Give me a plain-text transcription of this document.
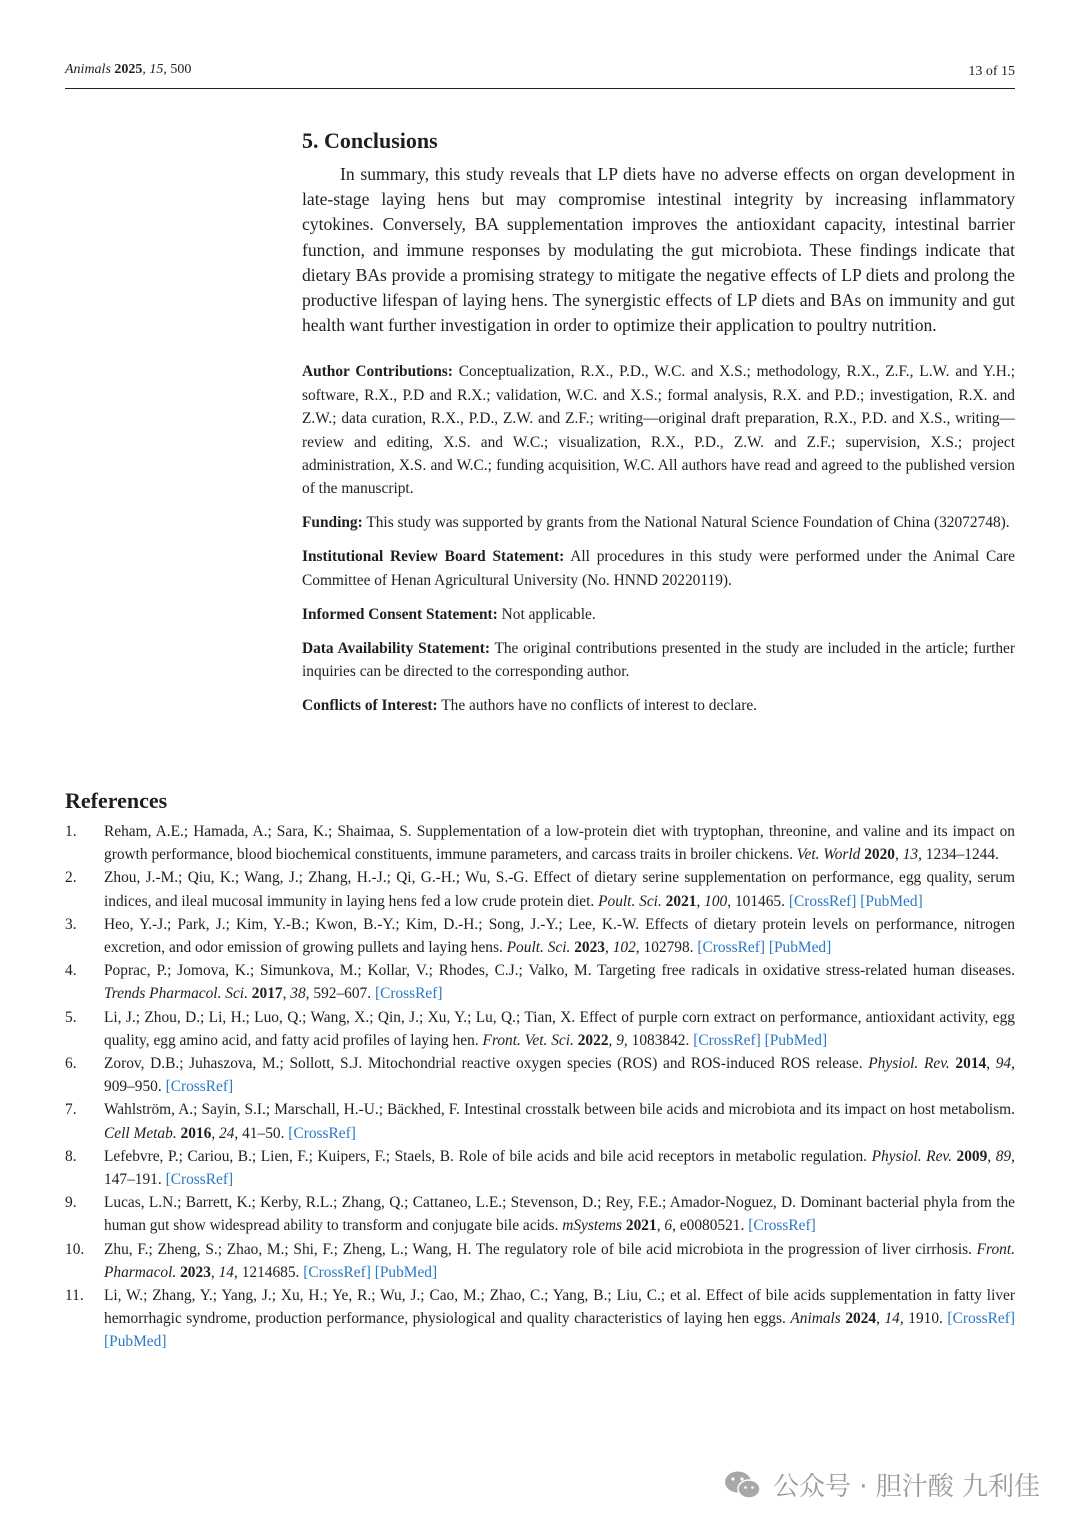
Animals 2025, 15, 500	13 of 15
5. Conclusions

In summary, this study reveals that LP diets have no adverse effects on organ development in late-stage laying hens but may compromise intestinal integrity by increasing inflammatory cytokines. Conversely, BA supplementation improves the antioxidant capacity, intestinal barrier function, and immune responses by modulating the gut microbiota. These findings indicate that dietary BAs provide a promising strategy to mitigate the negative effects of LP diets and prolong the productive lifespan of laying hens. The synergistic effects of LP diets and BAs on immunity and gut health want further investigation in order to optimize their application to poultry nutrition.

Author Contributions: Conceptualization, R.X., P.D., W.C. and X.S.; methodology, R.X., Z.F., L.W. and Y.H.; software, R.X., P.D and R.X.; validation, W.C. and X.S.; formal analysis, R.X. and P.D.; investigation, R.X. and Z.W.; data curation, R.X., P.D., Z.W. and Z.F.; writing—original draft preparation, R.X., P.D. and X.S., writing—review and editing, X.S. and W.C.; visualization, R.X., P.D., Z.W. and Z.F.; supervision, X.S.; project administration, X.S. and W.C.; funding acquisition, W.C. All authors have read and agreed to the published version of the manuscript.

Funding: This study was supported by grants from the National Natural Science Foundation of China (32072748).

Institutional Review Board Statement: All procedures in this study were performed under the Animal Care Committee of Henan Agricultural University (No. HNND 20220119).

Informed Consent Statement: Not applicable.

Data Availability Statement: The original contributions presented in the study are included in the article; further inquiries can be directed to the corresponding author.

Conflicts of Interest: The authors have no conflicts of interest to declare.

References
1. Reham, A.E.; Hamada, A.; Sara, K.; Shaimaa, S. Supplementation of a low-protein diet with tryptophan, threonine, and valine and its impact on growth performance, blood biochemical constituents, immune parameters, and carcass traits in broiler chickens. Vet. World 2020, 13, 1234–1244.
2. Zhou, J.-M.; Qiu, K.; Wang, J.; Zhang, H.-J.; Qi, G.-H.; Wu, S.-G. Effect of dietary serine supplementation on performance, egg quality, serum indices, and ileal mucosal immunity in laying hens fed a low crude protein diet. Poult. Sci. 2021, 100, 101465. [CrossRef] [PubMed]
3. Heo, Y.-J.; Park, J.; Kim, Y.-B.; Kwon, B.-Y.; Kim, D.-H.; Song, J.-Y.; Lee, K.-W. Effects of dietary protein levels on performance, nitrogen excretion, and odor emission of growing pullets and laying hens. Poult. Sci. 2023, 102, 102798. [CrossRef] [PubMed]
4. Poprac, P.; Jomova, K.; Simunkova, M.; Kollar, V.; Rhodes, C.J.; Valko, M. Targeting free radicals in oxidative stress-related human diseases. Trends Pharmacol. Sci. 2017, 38, 592–607. [CrossRef]
5. Li, J.; Zhou, D.; Li, H.; Luo, Q.; Wang, X.; Qin, J.; Xu, Y.; Lu, Q.; Tian, X. Effect of purple corn extract on performance, antioxidant activity, egg quality, egg amino acid, and fatty acid profiles of laying hen. Front. Vet. Sci. 2022, 9, 1083842. [CrossRef] [PubMed]
6. Zorov, D.B.; Juhaszova, M.; Sollott, S.J. Mitochondrial reactive oxygen species (ROS) and ROS-induced ROS release. Physiol. Rev. 2014, 94, 909–950. [CrossRef]
7. Wahlström, A.; Sayin, S.I.; Marschall, H.-U.; Bäckhed, F. Intestinal crosstalk between bile acids and microbiota and its impact on host metabolism. Cell Metab. 2016, 24, 41–50. [CrossRef]
8. Lefebvre, P.; Cariou, B.; Lien, F.; Kuipers, F.; Staels, B. Role of bile acids and bile acid receptors in metabolic regulation. Physiol. Rev. 2009, 89, 147–191. [CrossRef]
9. Lucas, L.N.; Barrett, K.; Kerby, R.L.; Zhang, Q.; Cattaneo, L.E.; Stevenson, D.; Rey, F.E.; Amador-Noguez, D. Dominant bacterial phyla from the human gut show widespread ability to transform and conjugate bile acids. mSystems 2021, 6, e0080521. [CrossRef]
10. Zhu, F.; Zheng, S.; Zhao, M.; Shi, F.; Zheng, L.; Wang, H. The regulatory role of bile acid microbiota in the progression of liver cirrhosis. Front. Pharmacol. 2023, 14, 1214685. [CrossRef] [PubMed]
11. Li, W.; Zhang, Y.; Yang, J.; Xu, H.; Ye, R.; Wu, J.; Cao, M.; Zhao, C.; Yang, B.; Liu, C.; et al. Effect of bile acids supplementation in fatty liver hemorrhagic syndrome, production performance, physiological and quality characteristics of laying hen eggs. Animals 2024, 14, 1910. [CrossRef] [PubMed]
公众号 · 胆汁酸 九利佳
